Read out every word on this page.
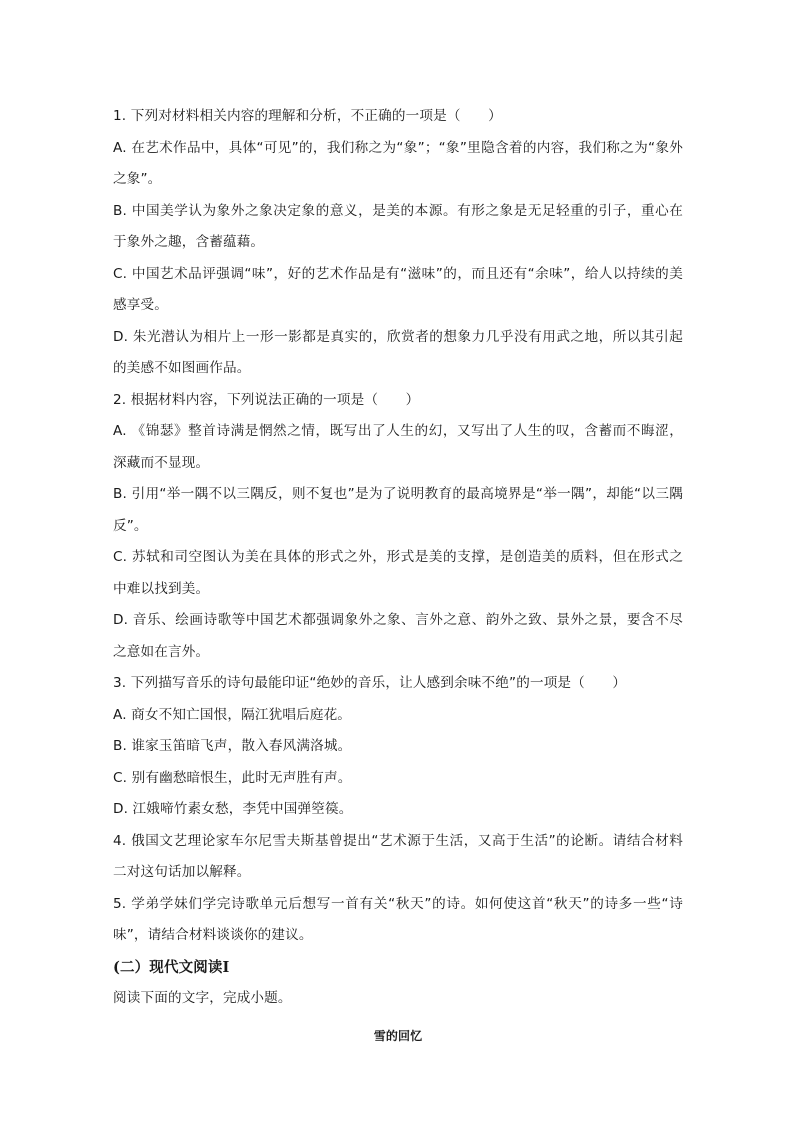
1. 下列对材料相关内容的理解和分析，不正确的一项是（　　）
A. 在艺术作品中，具体“可见”的，我们称之为“象”；“象”里隐含着的内容，我们称之为“象外
之象”。
B. 中国美学认为象外之象决定象的意义，是美的本源。有形之象是无足轻重的引子，重心在
于象外之趣，含蓄蕴藉。
C. 中国艺术品评强调“味”，好的艺术作品是有“滋味”的，而且还有“余味”，给人以持续的美
感享受。
D. 朱光潜认为相片上一形一影都是真实的，欣赏者的想象力几乎没有用武之地，所以其引起
的美感不如图画作品。
2. 根据材料内容，下列说法正确的一项是（　　）
A. 《锦瑟》整首诗满是惘然之情，既写出了人生的幻，又写出了人生的叹，含蓄而不晦涩，
深藏而不显现。
B. 引用“举一隅不以三隅反，则不复也”是为了说明教育的最高境界是“举一隅”，却能“以三隅
反”。
C. 苏轼和司空图认为美在具体的形式之外，形式是美的支撑，是创造美的质料，但在形式之
中难以找到美。
D. 音乐、绘画诗歌等中国艺术都强调象外之象、言外之意、韵外之致、景外之景，要含不尽
之意如在言外。
3. 下列描写音乐的诗句最能印证“绝妙的音乐，让人感到余味不绝”的一项是（　　）
A. 商女不知亡国恨，隔江犹唱后庭花。
B. 谁家玉笛暗飞声，散入春风满洛城。
C. 别有幽愁暗恨生，此时无声胜有声。
D. 江娥啼竹素女愁，李凭中国弹箜篌。
4. 俄国文艺理论家车尔尼雪夫斯基曾提出“艺术源于生活，又高于生活”的论断。请结合材料
二对这句话加以解释。
5. 学弟学妹们学完诗歌单元后想写一首有关“秋天”的诗。如何使这首“秋天”的诗多一些“诗
味”，请结合材料谈谈你的建议。
(二）现代文阅读Ⅰ
阅读下面的文字，完成小题。
雪的回忆
